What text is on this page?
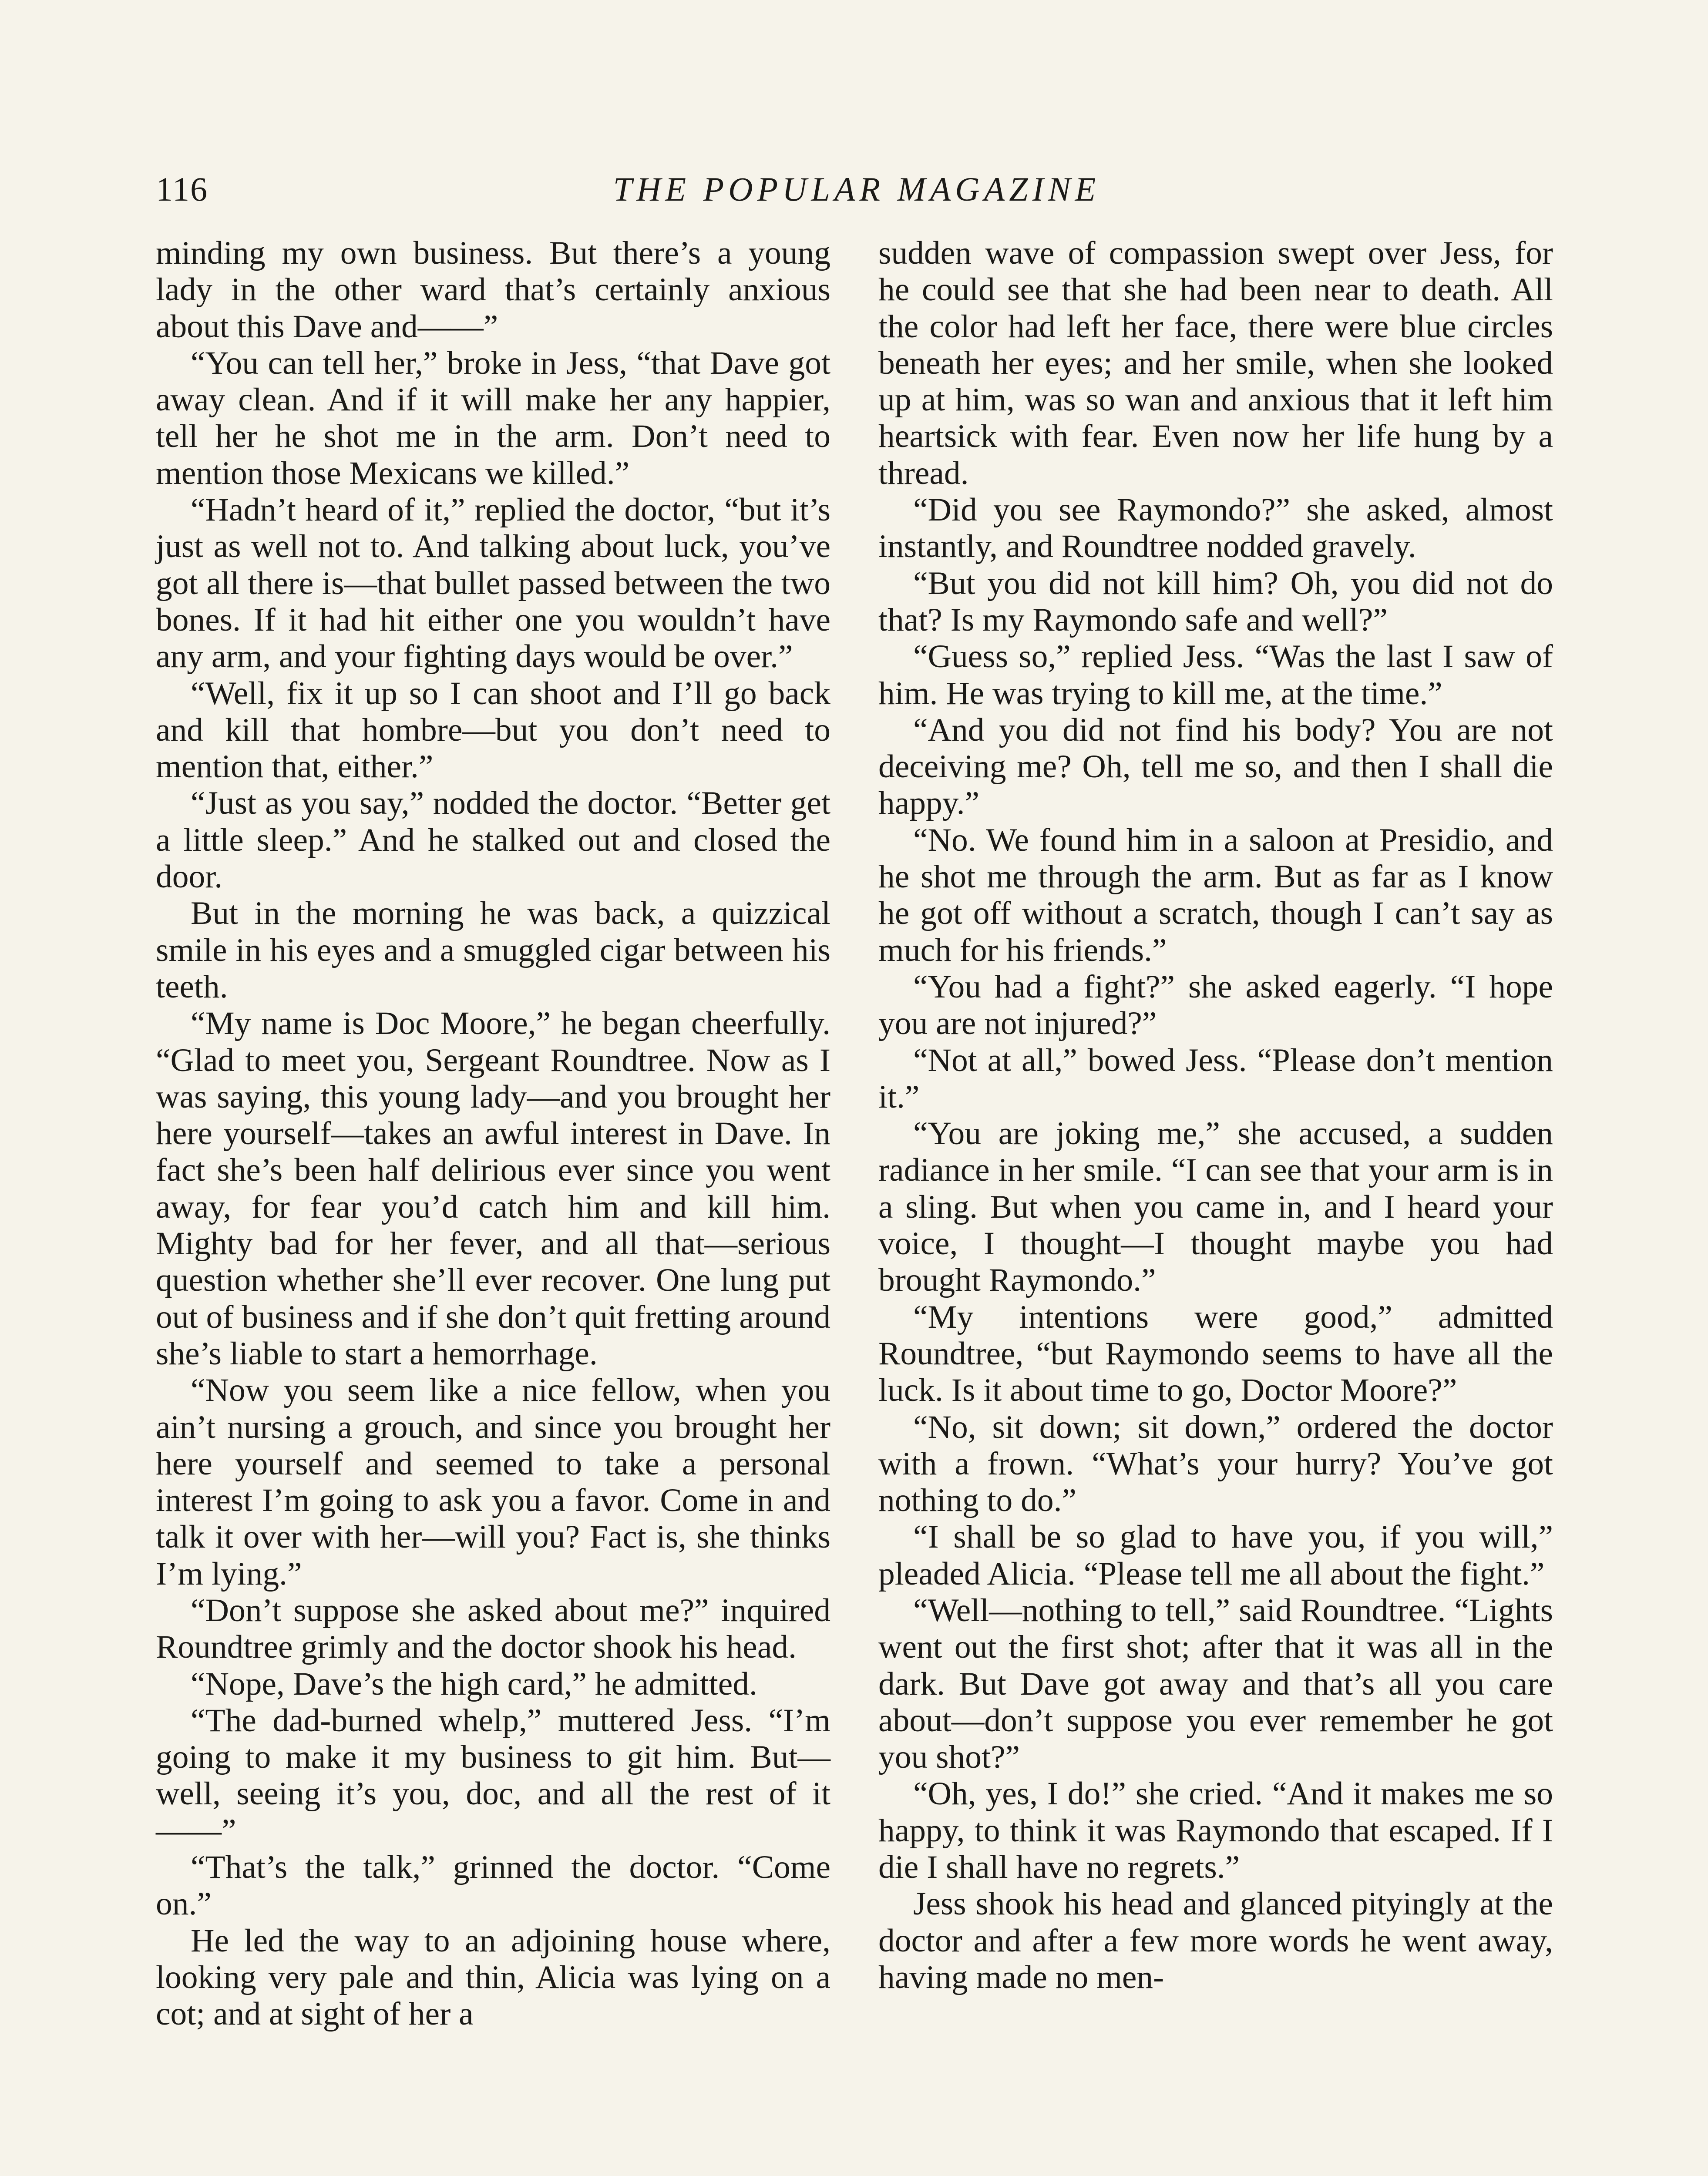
116	THE POPULAR MAGAZINE

minding my own business. But there’s a young lady in the other ward that’s certainly anxious about this Dave and——”

“You can tell her,” broke in Jess, “that Dave got away clean. And if it will make her any happier, tell her he shot me in the arm. Don’t need to mention those Mexicans we killed.”

“Hadn’t heard of it,” replied the doctor, “but it’s just as well not to. And talking about luck, you’ve got all there is—that bullet passed between the two bones. If it had hit either one you wouldn’t have any arm, and your fighting days would be over.”

“Well, fix it up so I can shoot and I’ll go back and kill that hombre—but you don’t need to mention that, either.”

“Just as you say,” nodded the doctor. “Better get a little sleep.” And he stalked out and closed the door.

But in the morning he was back, a quizzical smile in his eyes and a smuggled cigar between his teeth.

“My name is Doc Moore,” he began cheerfully. “Glad to meet you, Sergeant Roundtree. Now as I was saying, this young lady—and you brought her here yourself—takes an awful interest in Dave. In fact she’s been half delirious ever since you went away, for fear you’d catch him and kill him. Mighty bad for her fever, and all that—serious question whether she’ll ever recover. One lung put out of business and if she don’t quit fretting around she’s liable to start a hemorrhage.

“Now you seem like a nice fellow, when you ain’t nursing a grouch, and since you brought her here yourself and seemed to take a personal interest I’m going to ask you a favor. Come in and talk it over with her—will you? Fact is, she thinks I’m lying.”

“Don’t suppose she asked about me?” inquired Roundtree grimly and the doctor shook his head.

“Nope, Dave’s the high card,” he admitted.

“The dad-burned whelp,” muttered Jess. “I’m going to make it my business to git him. But—well, seeing it’s you, doc, and all the rest of it——”

“That’s the talk,” grinned the doctor. “Come on.”

He led the way to an adjoining house where, looking very pale and thin, Alicia was lying on a cot; and at sight of her a

sudden wave of compassion swept over Jess, for he could see that she had been near to death. All the color had left her face, there were blue circles beneath her eyes; and her smile, when she looked up at him, was so wan and anxious that it left him heartsick with fear. Even now her life hung by a thread.

“Did you see Raymondo?” she asked, almost instantly, and Roundtree nodded gravely.

“But you did not kill him? Oh, you did not do that? Is my Raymondo safe and well?”

“Guess so,” replied Jess. “Was the last I saw of him. He was trying to kill me, at the time.”

“And you did not find his body? You are not deceiving me? Oh, tell me so, and then I shall die happy.”

“No. We found him in a saloon at Presidio, and he shot me through the arm. But as far as I know he got off without a scratch, though I can’t say as much for his friends.”

“You had a fight?” she asked eagerly. “I hope you are not injured?”

“Not at all,” bowed Jess. “Please don’t mention it.”

“You are joking me,” she accused, a sudden radiance in her smile. “I can see that your arm is in a sling. But when you came in, and I heard your voice, I thought—I thought maybe you had brought Raymondo.”

“My intentions were good,” admitted Roundtree, “but Raymondo seems to have all the luck. Is it about time to go, Doctor Moore?”

“No, sit down; sit down,” ordered the doctor with a frown. “What’s your hurry? You’ve got nothing to do.”

“I shall be so glad to have you, if you will,” pleaded Alicia. “Please tell me all about the fight.”

“Well—nothing to tell,” said Roundtree. “Lights went out the first shot; after that it was all in the dark. But Dave got away and that’s all you care about—don’t suppose you ever remember he got you shot?”

“Oh, yes, I do!” she cried. “And it makes me so happy, to think it was Raymondo that escaped. If I die I shall have no regrets.”

Jess shook his head and glanced pityingly at the doctor and after a few more words he went away, having made no men-
